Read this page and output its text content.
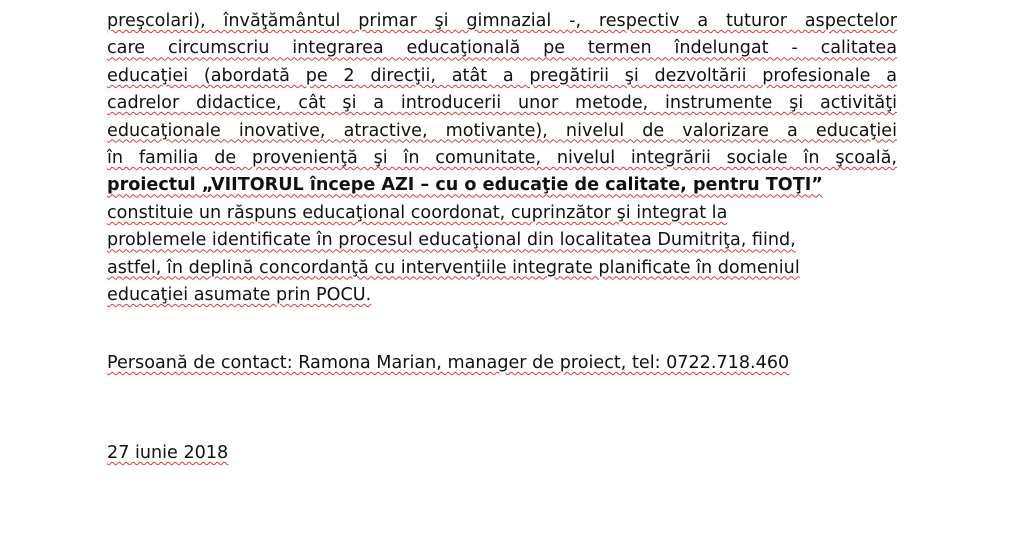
preşcolari), învăţământul primar şi gimnazial -, respectiv a tuturor aspectelor
care circumscriu integrarea educaţională pe termen îndelungat - calitatea
educaţiei (abordată pe 2 direcţii, atât a pregătirii şi dezvoltării profesionale a
cadrelor didactice, cât şi a introducerii unor metode, instrumente şi activităţi
educaţionale inovative, atractive, motivante), nivelul de valorizare a educaţiei
în familia de provenienţă şi în comunitate, nivelul integrării sociale în şcoală,
proiectul „VIITORUL începe AZI – cu o educaţie de calitate, pentru TOŢI”
constituie un răspuns educaţional coordonat, cuprinzător şi integrat la
problemele identificate în procesul educaţional din localitatea Dumitriţa, fiind,
astfel, în deplină concordanţă cu intervenţiile integrate planificate în domeniul
educaţiei asumate prin POCU.
Persoană de contact: Ramona Marian, manager de proiect, tel: 0722.718.460
27 iunie 2018
